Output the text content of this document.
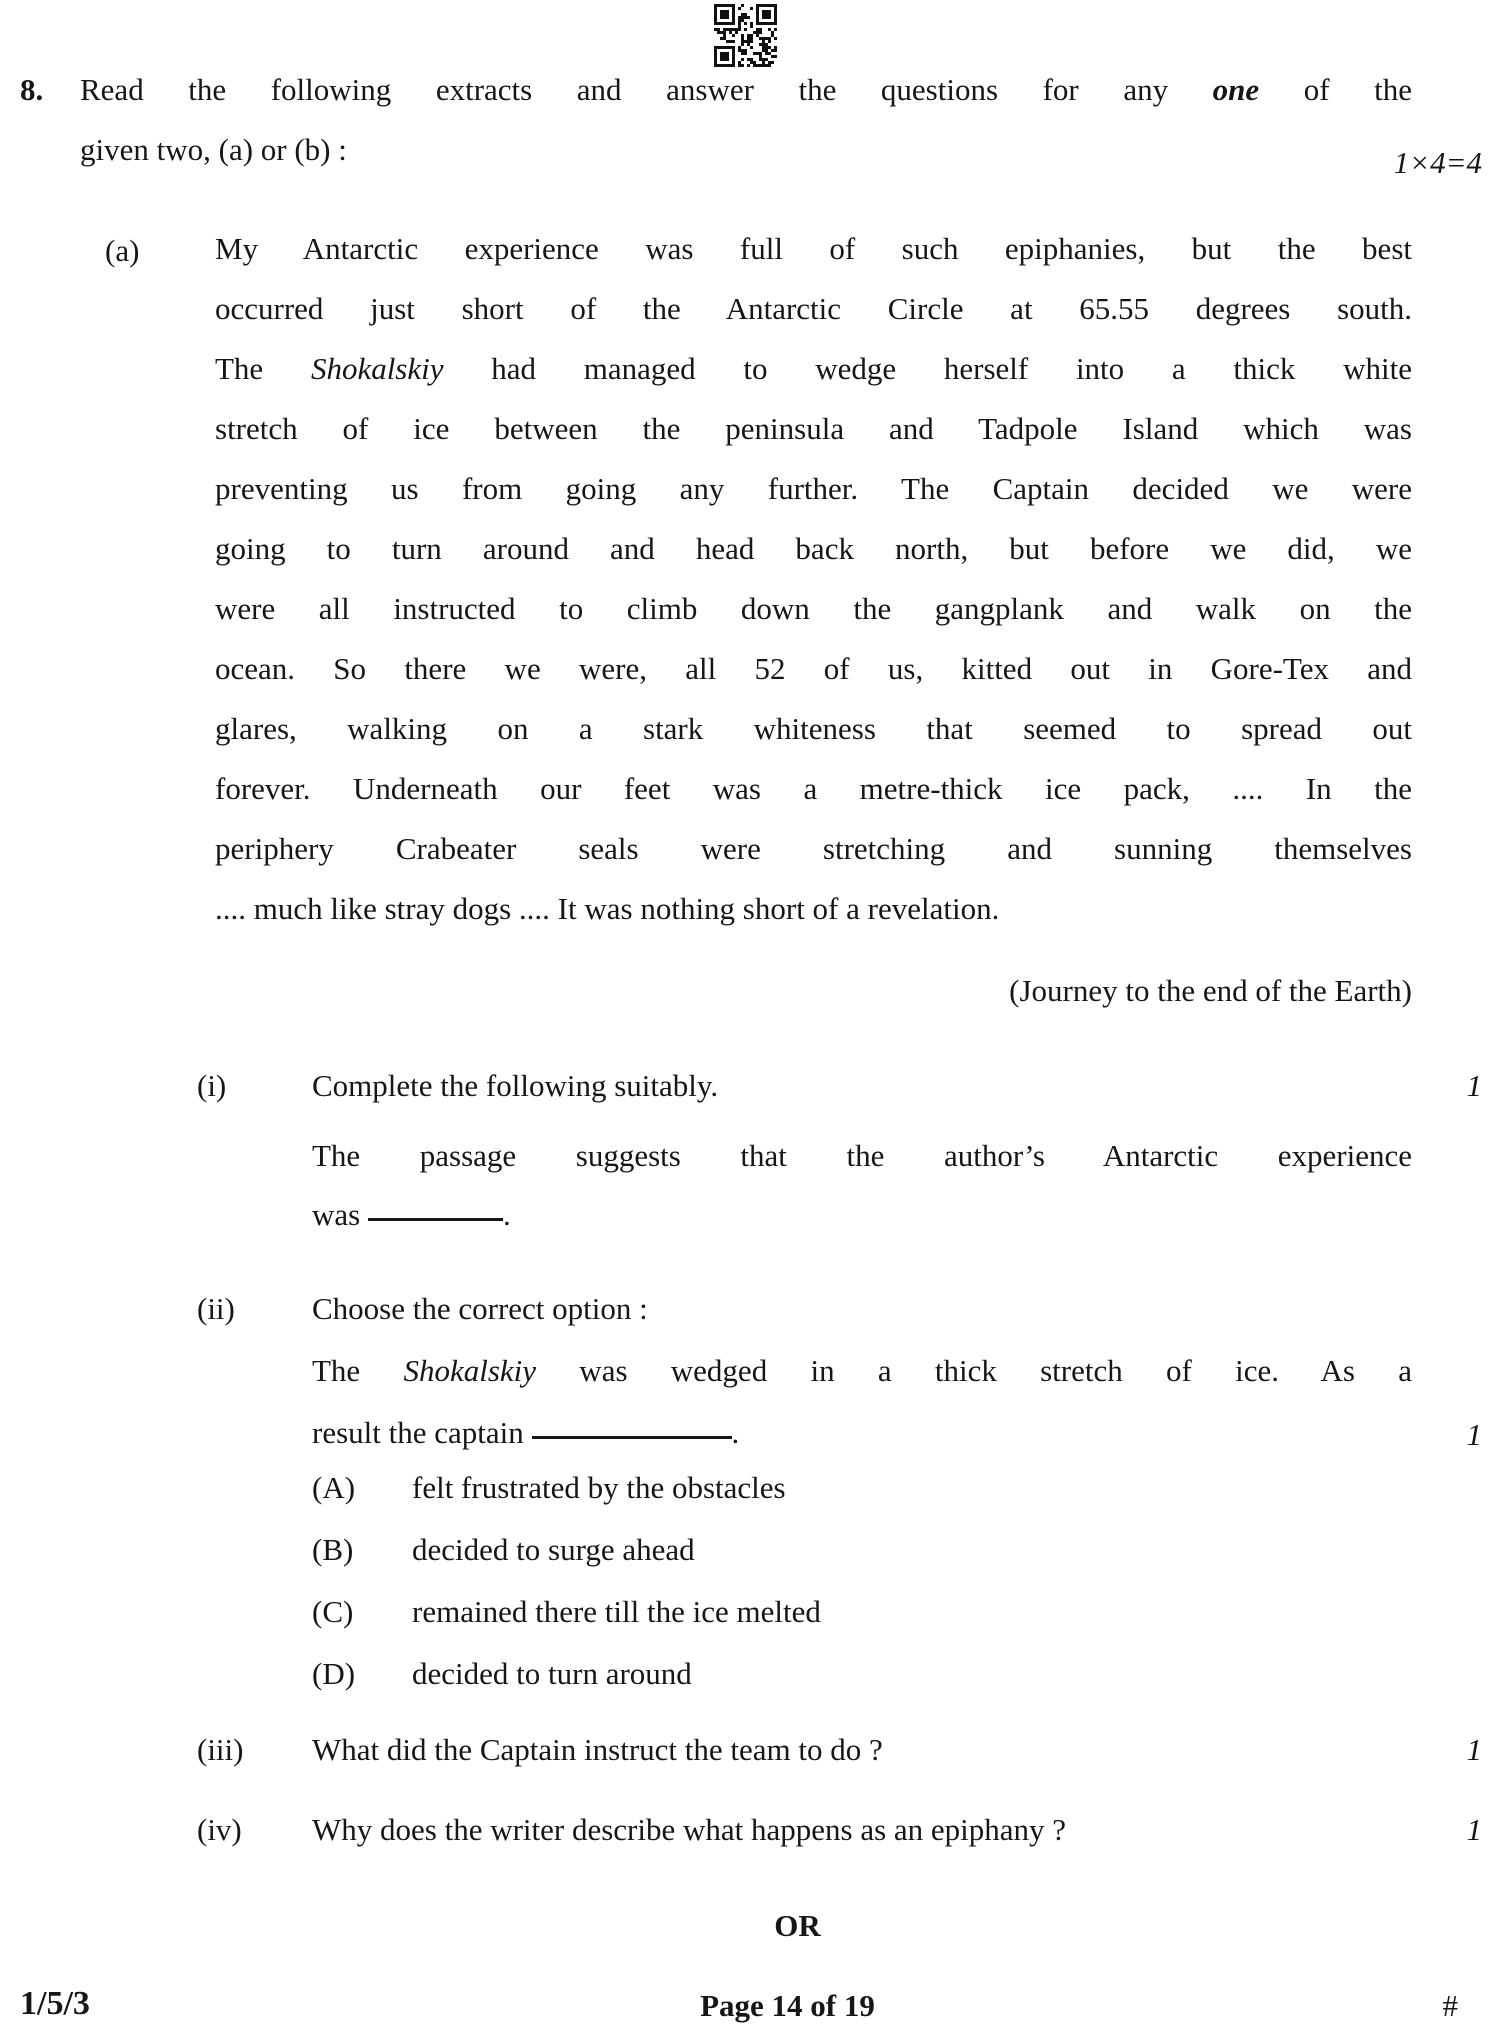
8. Read the following extracts and answer the questions for any one of the
given two, (a) or (b) :	1×4=4
(a) My Antarctic experience was full of such epiphanies, but the best
occurred just short of the Antarctic Circle at 65.55 degrees south.
The Shokalskiy had managed to wedge herself into a thick white
stretch of ice between the peninsula and Tadpole Island which was
preventing us from going any further. The Captain decided we were
going to turn around and head back north, but before we did, we
were all instructed to climb down the gangplank and walk on the
ocean. So there we were, all 52 of us, kitted out in Gore-Tex and
glares, walking on a stark whiteness that seemed to spread out
forever. Underneath our feet was a metre-thick ice pack, .... In the
periphery Crabeater seals were stretching and sunning themselves
.... much like stray dogs .... It was nothing short of a revelation.
(Journey to the end of the Earth)
(i)	Complete the following suitably.	1
The passage suggests that the author’s Antarctic experience
was	.
(ii) Choose the correct option :
The Shokalskiy was wedged in a thick stretch of ice. As a
result the captain	.	1
(A) felt frustrated by the obstacles
(B) decided to surge ahead
(C) remained there till the ice melted
(D) decided to turn around
(iii) What did the Captain instruct the team to do ?	1
(iv) Why does the writer describe what happens as an epiphany ?	1
OR
1/5/3	Page 14 of 19	#
